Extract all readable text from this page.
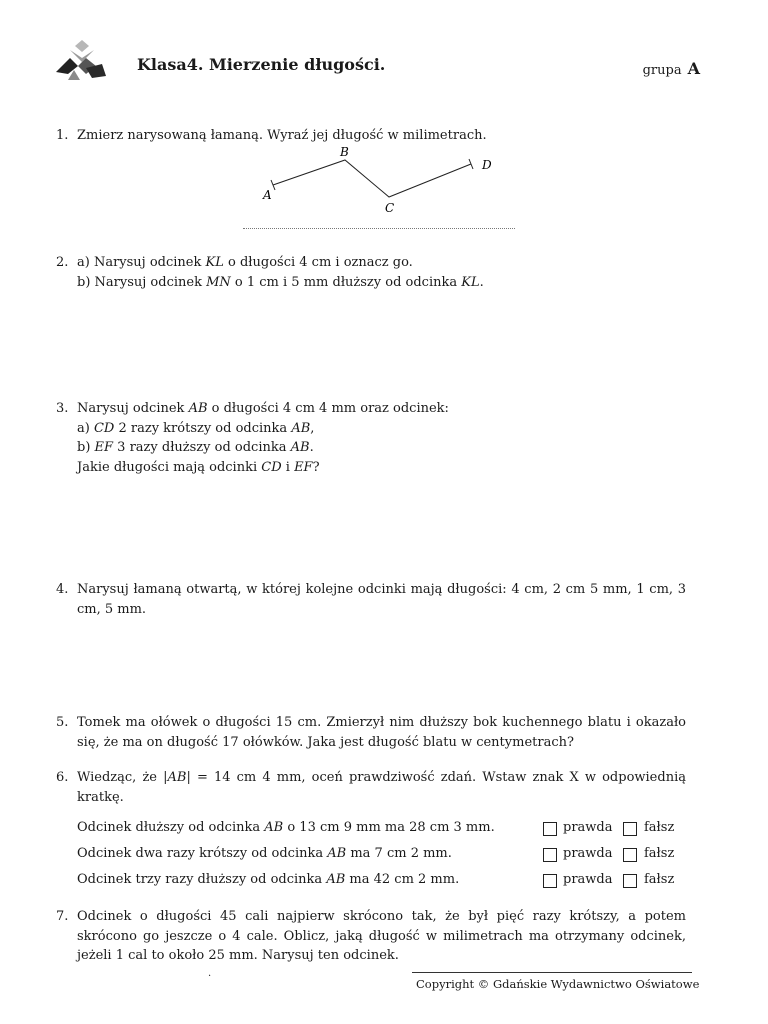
Klasa4. Mierzenie długości.	grupa A
1. Zmierz narysowaną łamaną. Wyraź jej długość w milimetrach.
A
B
C
D
2. a) Narysuj odcinek KL o długości 4 cm i oznacz go.
b) Narysuj odcinek MN o 1 cm i 5 mm dłuższy od odcinka KL.
3. Narysuj odcinek AB o długości 4 cm 4 mm oraz odcinek:
a) CD 2 razy krótszy od odcinka AB,
b) EF 3 razy dłuższy od odcinka AB.
Jakie długości mają odcinki CD i EF?
4. Narysuj łamaną otwartą, w której kolejne odcinki mają długości: 4 cm, 2 cm 5 mm, 1 cm, 3 cm, 5 mm.
5. Tomek ma ołówek o długości 15 cm. Zmierzył nim dłuższy bok kuchennego blatu i okazało się, że ma on długość 17 ołówków. Jaka jest długość blatu w centymetrach?
6. Wiedząc, że |AB| = 14 cm 4 mm, oceń prawdziwość zdań. Wstaw znak X w odpowiednią kratkę.
Odcinek dłuższy od odcinka AB o 13 cm 9 mm ma 28 cm 3 mm.	prawda fałsz
Odcinek dwa razy krótszy od odcinka AB ma 7 cm 2 mm.	prawda fałsz
Odcinek trzy razy dłuższy od odcinka AB ma 42 cm 2 mm.	prawda fałsz
7. Odcinek o długości 45 cali najpierw skrócono tak, że był pięć razy krótszy, a potem skrócono go jeszcze o 4 cale. Oblicz, jaką długość w milimetrach ma otrzymany odcinek, jeżeli 1 cal to około 25 mm. Narysuj ten odcinek.
.
Copyright © Gdańskie Wydawnictwo Oświatowe
